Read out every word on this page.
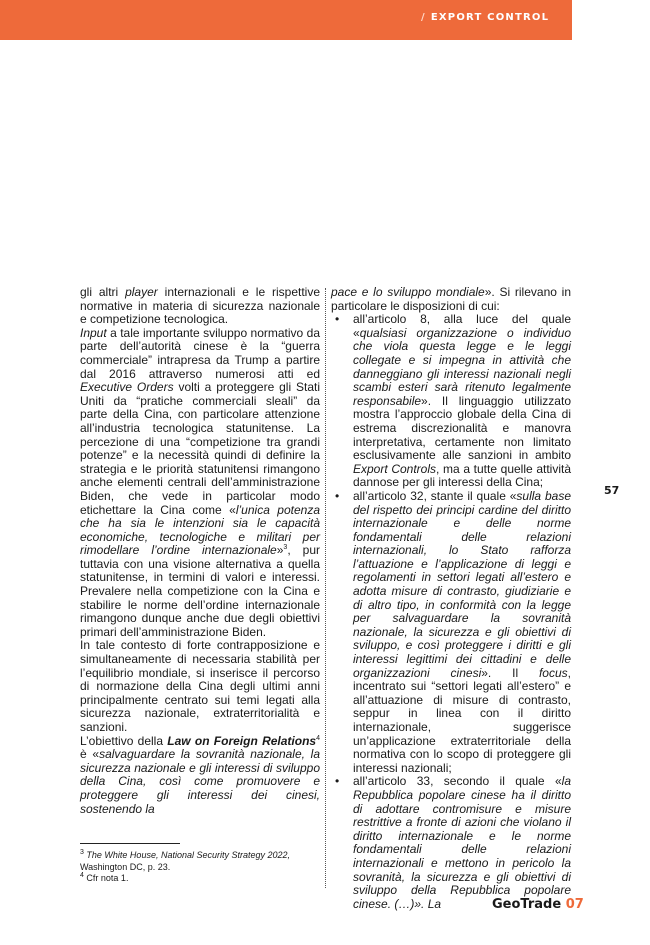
/ EXPORT CONTROL

gli altri player internazionali e le rispettive normative in materia di sicurezza nazionale e competizione tecnologica.

Input a tale importante sviluppo normativo da parte dell’autorità cinese è la “guerra commerciale” intrapresa da Trump a partire dal 2016 attraverso numerosi atti ed Executive Orders volti a proteggere gli Stati Uniti da “pratiche commerciali sleali” da parte della Cina, con particolare attenzione all’industria tecnologica statunitense. La percezione di una “competizione tra grandi potenze” e la necessità quindi di definire la strategia e le priorità statunitensi rimangono anche elementi centrali dell’amministrazione Biden, che vede in particolar modo etichettare la Cina come «l’unica potenza che ha sia le intenzioni sia le capacità economiche, tecnologiche e militari per rimodellare l’ordine internazionale»$^3$, pur tuttavia con una visione alternativa a quella statunitense, in termini di valori e interessi. Prevalere nella competizione con la Cina e stabilire le norme dell’ordine internazionale rimangono dunque anche due degli obiettivi primari dell’amministrazione Biden.

In tale contesto di forte contrapposizione e simultaneamente di necessaria stabilità per l’equilibrio mondiale, si inserisce il percorso di normazione della Cina degli ultimi anni principalmente centrato sui temi legati alla sicurezza nazionale, extraterritorialità e sanzioni.

L’obiettivo della Law on Foreign Relations$^4$ è «salvaguardare la sovranità nazionale, la sicurezza nazionale e gli interessi di sviluppo della Cina, così come promuovere e proteggere gli interessi dei cinesi, sostenendo la

pace e lo sviluppo mondiale». Si rilevano in particolare le disposizioni di cui:

• all’articolo 8, alla luce del quale «qualsiasi organizzazione o individuo che viola questa legge e le leggi collegate e si impegna in attività che danneggiano gli interessi nazionali negli scambi esteri sarà ritenuto legalmente responsabile». Il linguaggio utilizzato mostra l’approccio globale della Cina di estrema discrezionalità e manovra interpretativa, certamente non limitato esclusivamente alle sanzioni in ambito Export Controls, ma a tutte quelle attività dannose per gli interessi della Cina;
• all’articolo 32, stante il quale «sulla base del rispetto dei principi cardine del diritto internazionale e delle norme fondamentali delle relazioni internazionali, lo Stato rafforza l’attuazione e l’applicazione di leggi e regolamenti in settori legati all’estero e adotta misure di contrasto, giudiziarie e di altro tipo, in conformità con la legge per salvaguardare la sovranità nazionale, la sicurezza e gli obiettivi di sviluppo, e così proteggere i diritti e gli interessi legittimi dei cittadini e delle organizzazioni cinesi». Il focus, incentrato sui “settori legati all’estero” e all’attuazione di misure di contrasto, seppur in linea con il diritto internazionale, suggerisce un’applicazione extraterritoriale della normativa con lo scopo di proteggere gli interessi nazionali;
• all’articolo 33, secondo il quale «la Repubblica popolare cinese ha il diritto di adottare contromisure e misure restrittive a fronte di azioni che violano il diritto internazionale e le norme fondamentali delle relazioni internazionali e mettono in pericolo la sovranità, la sicurezza e gli obiettivi di sviluppo della Repubblica popolare cinese. (…)». La
$^3$ The White House, National Security Strategy 2022,
Washington DC, p. 23.
$^4$ Cfr nota 1.
57
GeoTrade 07
